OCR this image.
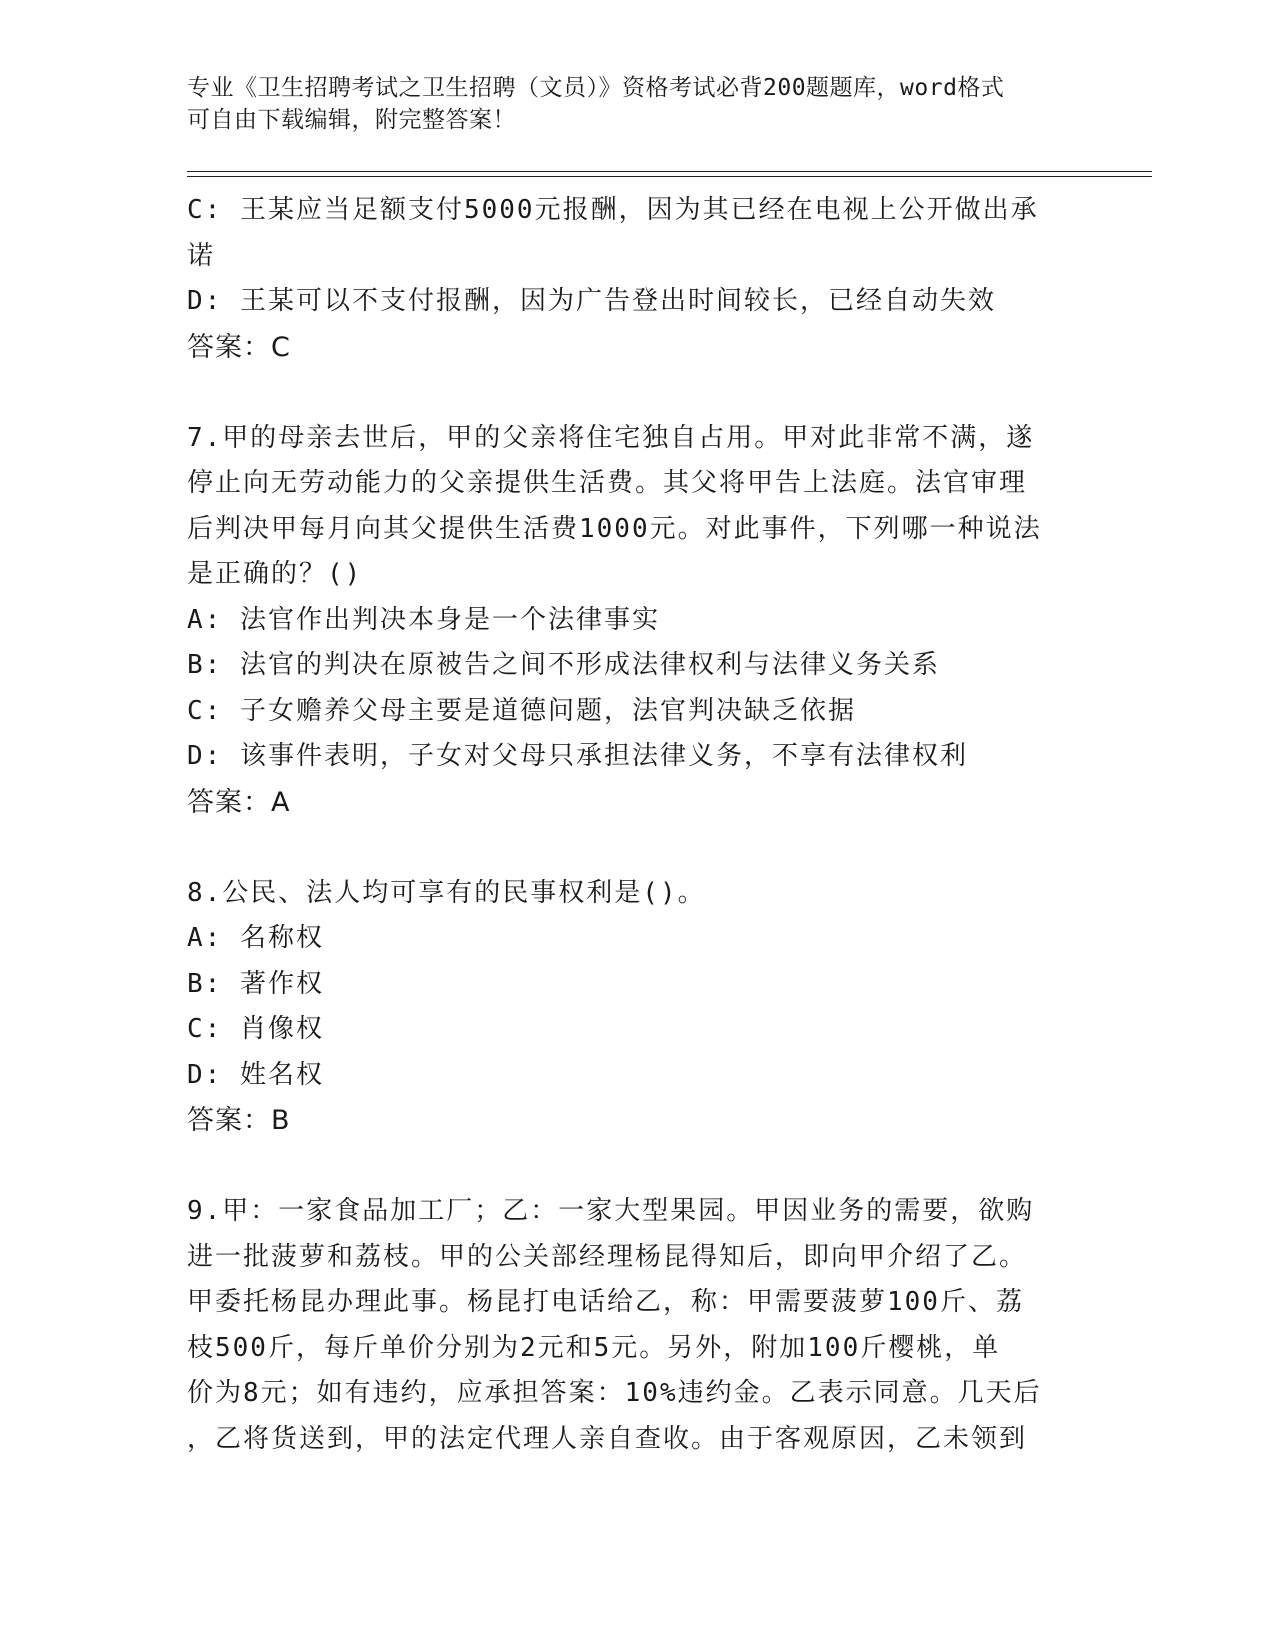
专业《卫生招聘考试之卫生招聘（文员）》资格考试必背200题题库，word格式
可自由下载编辑，附完整答案！
C: 王某应当足额支付5000元报酬，因为其已经在电视上公开做出承
诺
D: 王某可以不支付报酬，因为广告登出时间较长，已经自动失效
答案：C
7.甲的母亲去世后，甲的父亲将住宅独自占用。甲对此非常不满，遂
停止向无劳动能力的父亲提供生活费。其父将甲告上法庭。法官审理
后判决甲每月向其父提供生活费1000元。对此事件，下列哪一种说法
是正确的？()
A: 法官作出判决本身是一个法律事实
B: 法官的判决在原被告之间不形成法律权利与法律义务关系
C: 子女赡养父母主要是道德问题，法官判决缺乏依据
D: 该事件表明，子女对父母只承担法律义务，不享有法律权利
答案：A
8.公民、法人均可享有的民事权利是()。
A: 名称权
B: 著作权
C: 肖像权
D: 姓名权
答案：B
9.甲：一家食品加工厂；乙：一家大型果园。甲因业务的需要，欲购
进一批菠萝和荔枝。甲的公关部经理杨昆得知后，即向甲介绍了乙。
甲委托杨昆办理此事。杨昆打电话给乙，称：甲需要菠萝100斤、荔
枝500斤，每斤单价分别为2元和5元。另外，附加100斤樱桃，单
价为8元；如有违约，应承担答案：10%违约金。乙表示同意。几天后
，乙将货送到，甲的法定代理人亲自查收。由于客观原因，乙未领到
